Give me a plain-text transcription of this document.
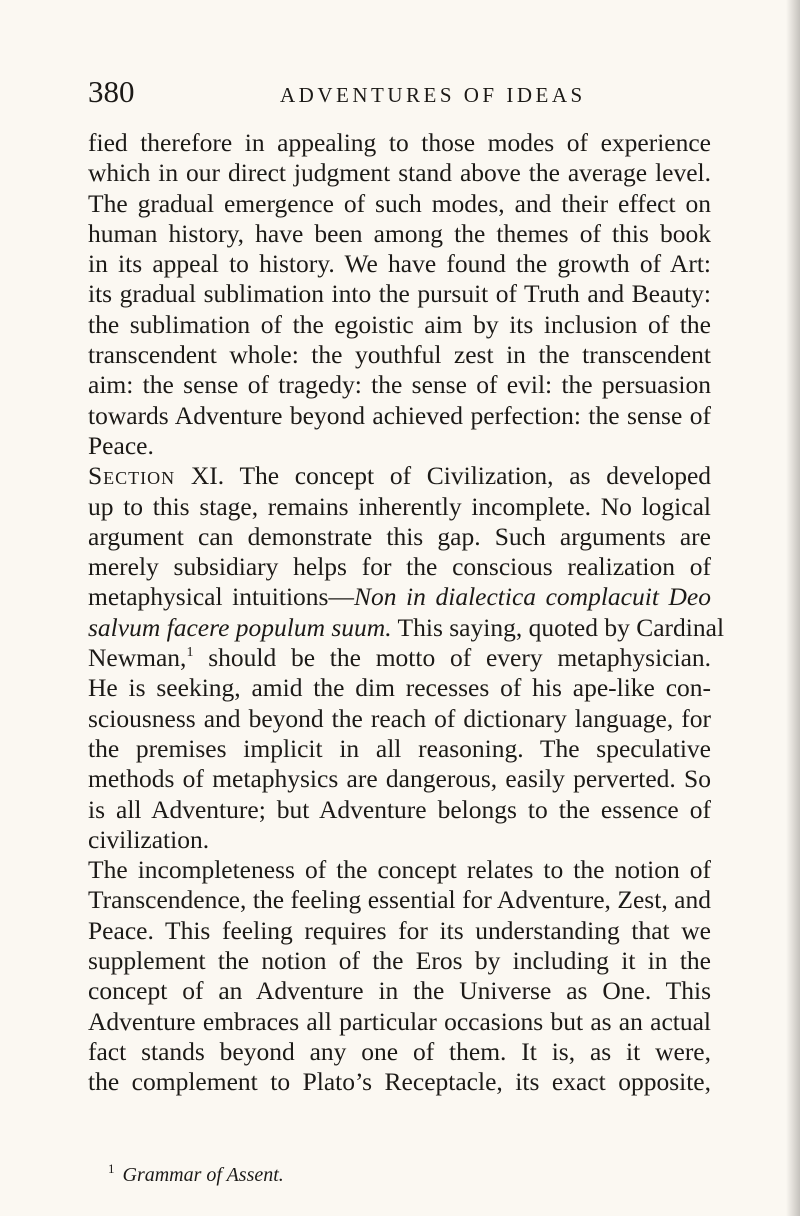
380	ADVENTURES OF IDEAS
fied therefore in appealing to those modes of experience
which in our direct judgment stand above the average level.
The gradual emergence of such modes, and their effect on
human history, have been among the themes of this book
in its appeal to history. We have found the growth of Art:
its gradual sublimation into the pursuit of Truth and Beauty:
the sublimation of the egoistic aim by its inclusion of the
transcendent whole: the youthful zest in the transcendent
aim: the sense of tragedy: the sense of evil: the persuasion
towards Adventure beyond achieved perfection: the sense of
Peace.
Section XI. The concept of Civilization, as developed
up to this stage, remains inherently incomplete. No logical
argument can demonstrate this gap. Such arguments are
merely subsidiary helps for the conscious realization of
metaphysical intuitions—Non in dialectica complacuit Deo
salvum facere populum suum. This saying, quoted by Cardinal
Newman,$^1$ should be the motto of every metaphysician.
He is seeking, amid the dim recesses of his ape-like con-
sciousness and beyond the reach of dictionary language, for
the premises implicit in all reasoning. The speculative
methods of metaphysics are dangerous, easily perverted. So
is all Adventure; but Adventure belongs to the essence of
civilization.
The incompleteness of the concept relates to the notion of
Transcendence, the feeling essential for Adventure, Zest, and
Peace. This feeling requires for its understanding that we
supplement the notion of the Eros by including it in the
concept of an Adventure in the Universe as One. This
Adventure embraces all particular occasions but as an actual
fact stands beyond any one of them. It is, as it were,
the complement to Plato’s Receptacle, its exact opposite,
$^1$ Grammar of Assent.
